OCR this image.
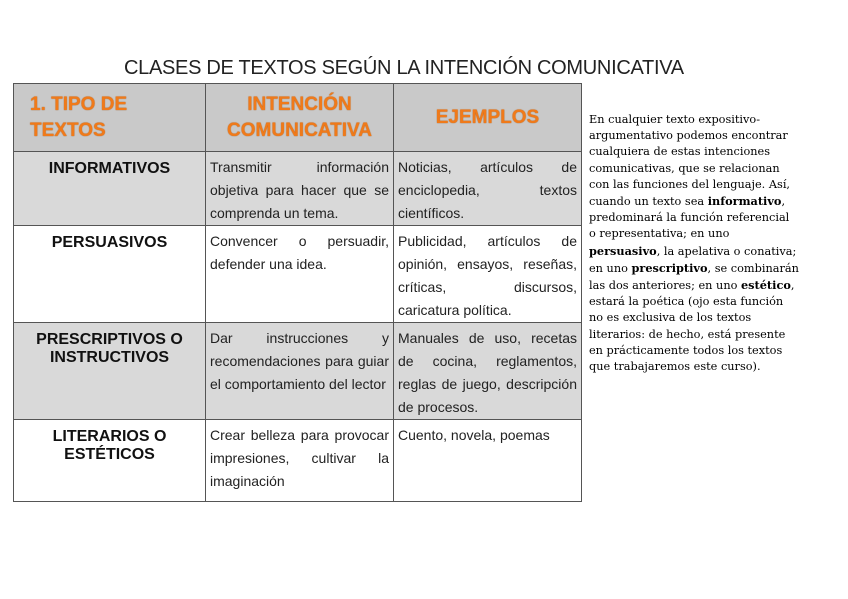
CLASES DE TEXTOS SEGÚN LA INTENCIÓN COMUNICATIVA
1. TIPO DE TEXTOS	INTENCIÓN COMUNICATIVA	EJEMPLOS
INFORMATIVOS	Transmitir información objetiva para hacer que se comprenda un tema.	Noticias, artículos de enciclopedia, textos científicos.
PERSUASIVOS	Convencer o persuadir, defender una idea.	Publicidad, artículos de opinión, ensayos, reseñas, críticas, discursos, caricatura política.
PRESCRIPTIVOS O INSTRUCTIVOS	Dar instrucciones y recomendaciones para guiar el comportamiento del lector	Manuales de uso, recetas de cocina, reglamentos, reglas de juego, descripción de procesos.
LITERARIOS O ESTÉTICOS	Crear belleza para provocar impresiones, cultivar la imaginación	Cuento, novela, poemas
En cualquier texto expositivo-argumentativo podemos encontrar cualquiera de estas intenciones comunicativas, que se relacionan con las funciones del lenguaje. Así, cuando un texto sea informativo, predominará la función referencial o representativa; en uno persuasivo, la apelativa o conativa; en uno prescriptivo, se combinarán las dos anteriores; en uno estético, estará la poética (ojo esta función no es exclusiva de los textos literarios: de hecho, está presente en prácticamente todos los textos que trabajaremos este curso).
